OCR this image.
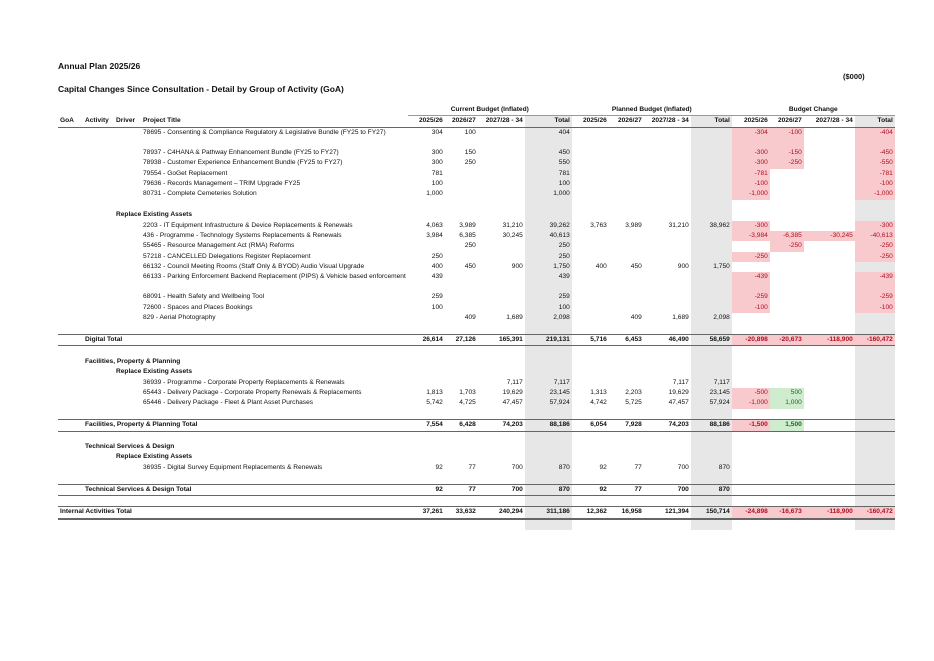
Annual Plan 2025/26
($000)
Capital Changes Since Consultation - Detail by Group of Activity (GoA)
				Current Budget (Inflated)				Planned Budget (Inflated)				Budget Change			
GoA	Activity	Driver	Project Title	2025/26	2026/27	2027/28 - 34	Total	2025/26	2026/27	2027/28 - 34	Total	2025/26	2026/27	2027/28 - 34	Total
			78695 - Consenting & Compliance Regulatory & Legislative Bundle (FY25 to FY27)	304	100		404					-304	-100		-404
			78937 - C4HANA & Pathway Enhancement Bundle (FY25 to FY27)	300	150		450					-300	-150		-450
			78938 - Customer Experience Enhancement Bundle (FY25 to FY27)	300	250		550					-300	-250		-550
			79554 - GoGet Replacement	781			781					-781			-781
			79636 - Records Management – TRIM Upgrade FY25	100			100					-100			-100
			80731 - Complete Cemeteries Solution	1,000			1,000					-1,000			-1,000

		Replace Existing Assets													
			2203 - IT Equipment Infrastructure & Device Replacements & Renewals	4,063	3,989	31,210	39,262	3,763	3,989	31,210	38,962	-300			-300
			436 - Programme - Technology Systems Replacements & Renewals	3,984	6,385	30,245	40,613					-3,984	-6,385	-30,245	-40,613
			55465 - Resource Management Act (RMA) Reforms		250		250						-250		-250
			57218 - CANCELLED Delegations Register Replacement	250			250					-250			-250
			66132 - Council Meeting Rooms (Staff Only & BYOD) Audio Visual Upgrade	400	450	900	1,750	400	450	900	1,750				
			66133 - Parking Enforcement Backend Replacement (PIPS) & Vehicle based enforcement	439			439					-439			-439
			68091 - Health Safety and Wellbeing Tool	259			259					-259			-259
			72600 - Spaces and Places Bookings	100			100					-100			-100
			829 - Aerial Photography		409	1,689	2,098		409	1,689	2,098				

	Digital Total			26,614	27,126	165,391	219,131	5,716	6,453	46,490	58,659	-20,898	-20,673	-118,900	-160,472

	Facilities, Property & Planning														
		Replace Existing Assets													
			36939 - Programme - Corporate Property Replacements & Renewals			7,117	7,117			7,117	7,117				
			65443 - Delivery Package - Corporate Property Renewals & Replacements	1,813	1,703	19,629	23,145	1,313	2,203	19,629	23,145	-500	500		
			65446 - Delivery Package - Fleet & Plant Asset Purchases	5,742	4,725	47,457	57,924	4,742	5,725	47,457	57,924	-1,000	1,000		

	Facilities, Property & Planning Total			7,554	6,428	74,203	88,186	6,054	7,928	74,203	88,186	-1,500	1,500		

	Technical Services & Design														
		Replace Existing Assets													
			36935 - Digital Survey Equipment Replacements & Renewals	92	77	700	870	92	77	700	870				

	Technical Services & Design Total			92	77	700	870	92	77	700	870				

Internal Activities Total				37,261	33,632	240,294	311,186	12,362	16,958	121,394	150,714	-24,898	-16,673	-118,900	-160,472
